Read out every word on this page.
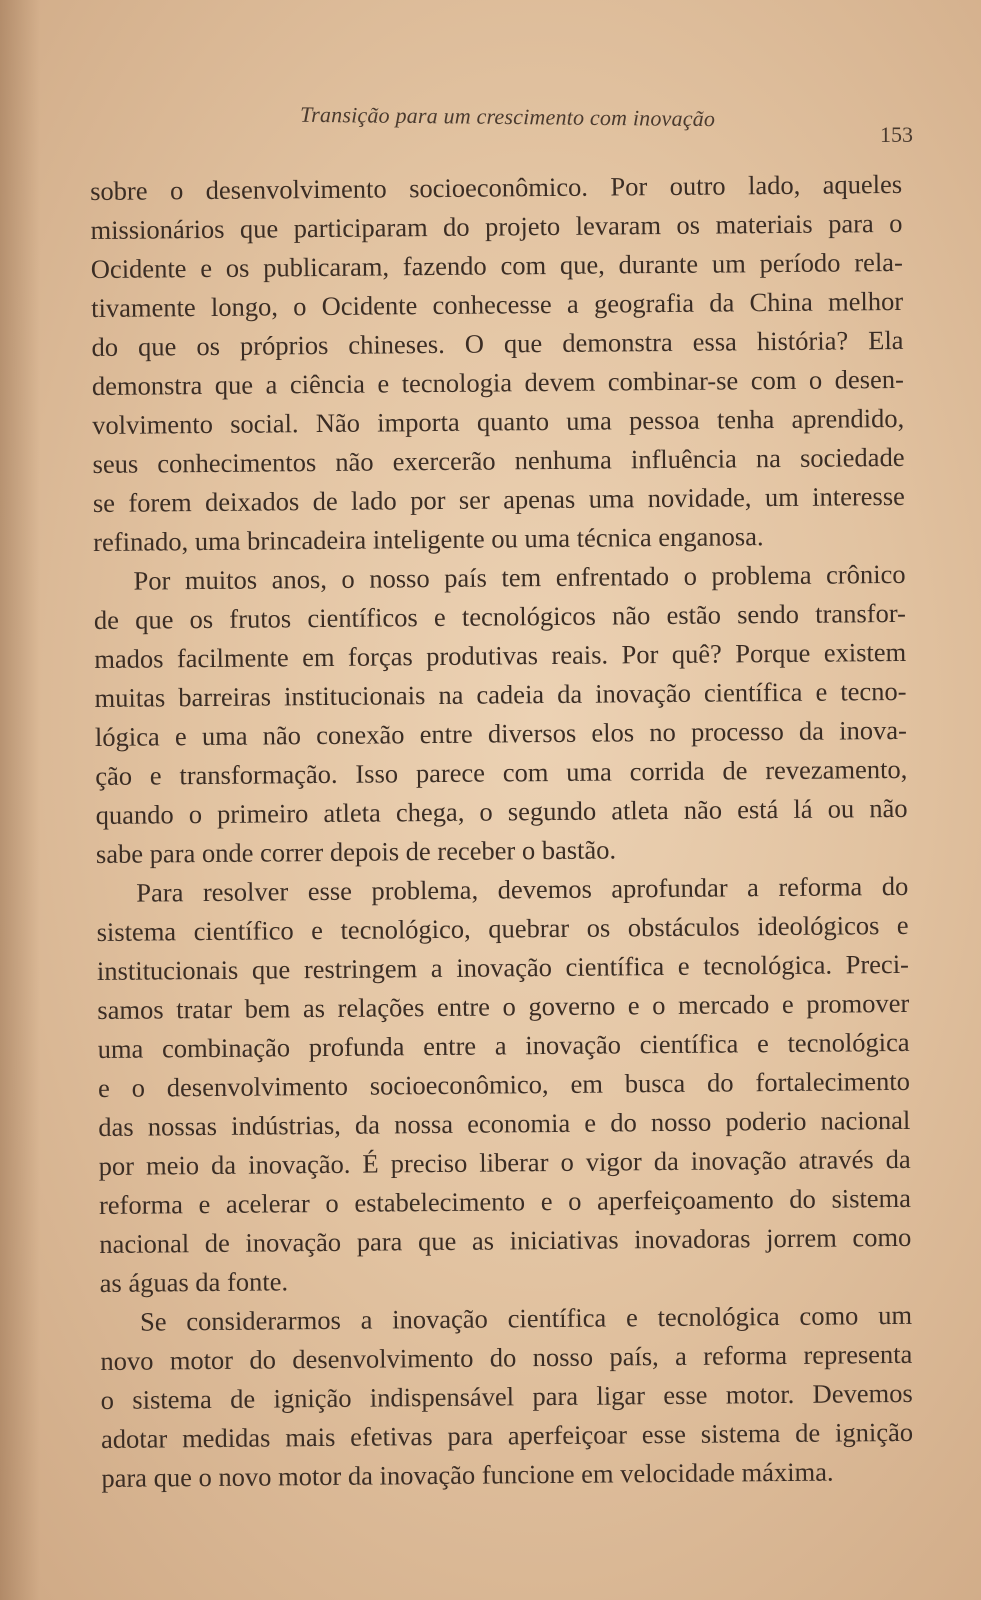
Transição para um crescimento com inovação
153
sobre o desenvolvimento socioeconômico. Por outro lado, aqueles
missionários que participaram do projeto levaram os materiais para o
Ocidente e os publicaram, fazendo com que, durante um período rela-
tivamente longo, o Ocidente conhecesse a geografia da China melhor
do que os próprios chineses. O que demonstra essa história? Ela
demonstra que a ciência e tecnologia devem combinar-se com o desen-
volvimento social. Não importa quanto uma pessoa tenha aprendido,
seus conhecimentos não exercerão nenhuma influência na sociedade
se forem deixados de lado por ser apenas uma novidade, um interesse
refinado, uma brincadeira inteligente ou uma técnica enganosa.
Por muitos anos, o nosso país tem enfrentado o problema crônico
de que os frutos científicos e tecnológicos não estão sendo transfor-
mados facilmente em forças produtivas reais. Por quê? Porque existem
muitas barreiras institucionais na cadeia da inovação científica e tecno-
lógica e uma não conexão entre diversos elos no processo da inova-
ção e transformação. Isso parece com uma corrida de revezamento,
quando o primeiro atleta chega, o segundo atleta não está lá ou não
sabe para onde correr depois de receber o bastão.
Para resolver esse problema, devemos aprofundar a reforma do
sistema científico e tecnológico, quebrar os obstáculos ideológicos e
institucionais que restringem a inovação científica e tecnológica. Preci-
samos tratar bem as relações entre o governo e o mercado e promover
uma combinação profunda entre a inovação científica e tecnológica
e o desenvolvimento socioeconômico, em busca do fortalecimento
das nossas indústrias, da nossa economia e do nosso poderio nacional
por meio da inovação. É preciso liberar o vigor da inovação através da
reforma e acelerar o estabelecimento e o aperfeiçoamento do sistema
nacional de inovação para que as iniciativas inovadoras jorrem como
as águas da fonte.
Se considerarmos a inovação científica e tecnológica como um
novo motor do desenvolvimento do nosso país, a reforma representa
o sistema de ignição indispensável para ligar esse motor. Devemos
adotar medidas mais efetivas para aperfeiçoar esse sistema de ignição
para que o novo motor da inovação funcione em velocidade máxima.
